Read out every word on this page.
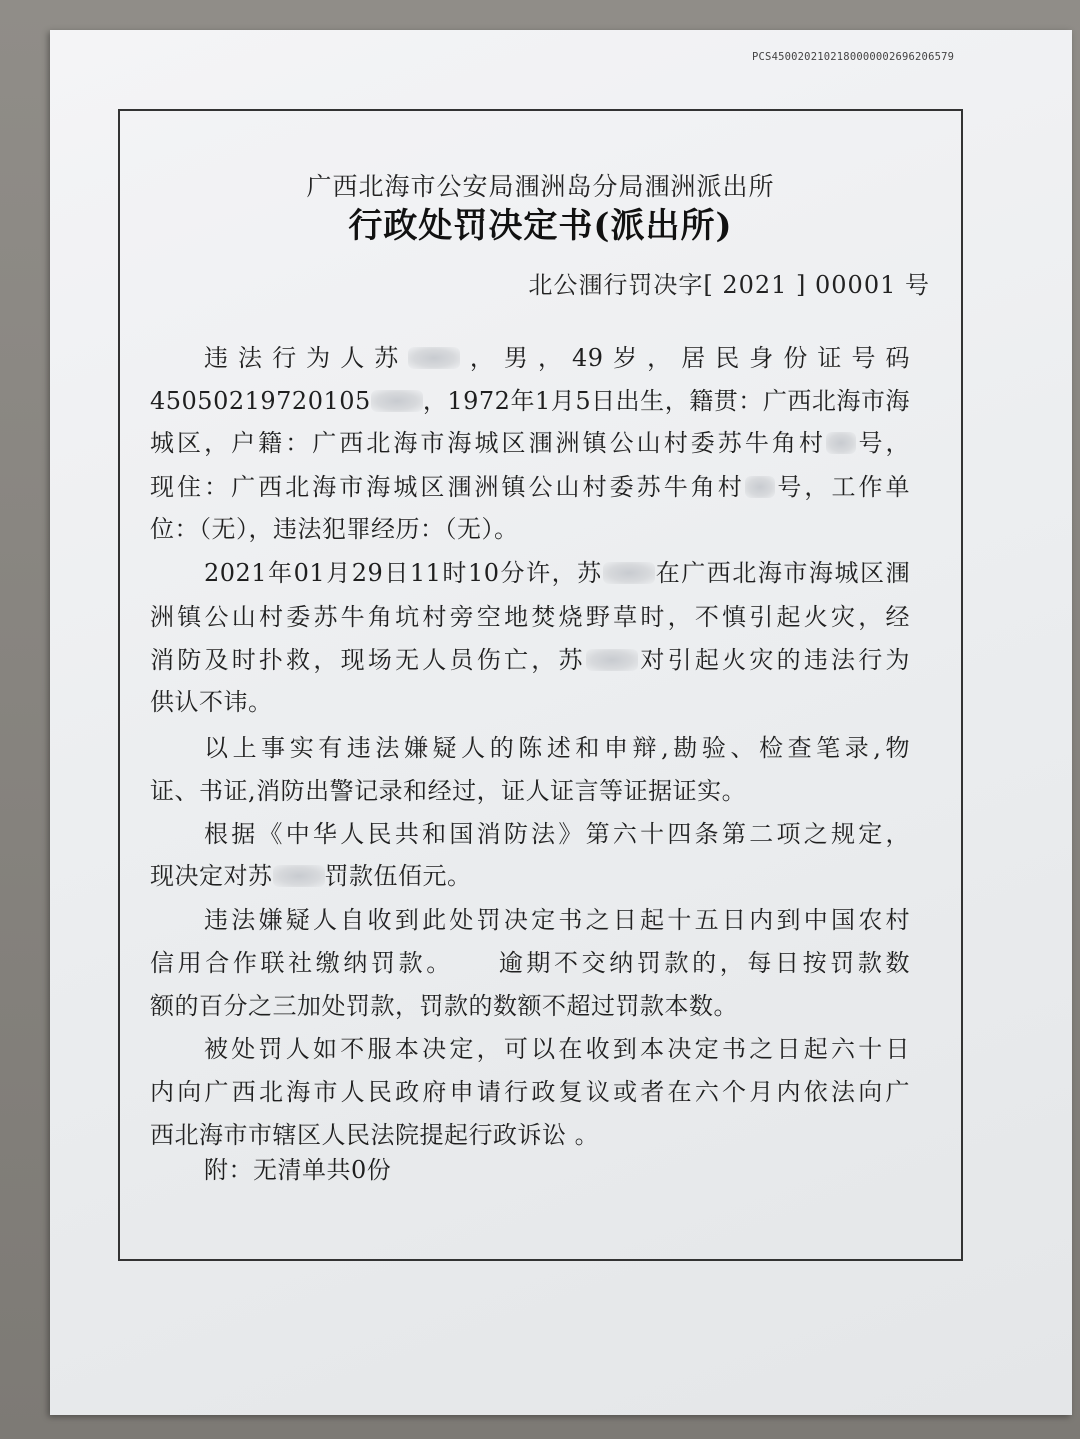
PCS4500202102180000002696206579
广西北海市公安局涠洲岛分局涠洲派出所
行政处罚决定书(派出所)
北公涠行罚决字[ 2021 ] 00001 号
违法行为人苏 ，男，49岁，居民身份证号码
45050219720105 ，1972年1月5日出生，籍贯：广西北海市海
城区，户籍：广西北海市海城区涠洲镇公山村委苏牛角村 号，
现住：广西北海市海城区涠洲镇公山村委苏牛角村 号，工作单
位：（无），违法犯罪经历：（无）。
2021年01月29日11时10分许，苏 在广西北海市海城区涠
洲镇公山村委苏牛角坑村旁空地焚烧野草时，不慎引起火灾，经
消防及时扑救，现场无人员伤亡，苏 对引起火灾的违法行为
供认不讳。
以上事实有违法嫌疑人的陈述和申辩,勘验、检查笔录,物
证、书证,消防出警记录和经过，证人证言等证据证实。
根据《中华人民共和国消防法》第六十四条第二项之规定，
现决定对苏 罚款伍佰元。
违法嫌疑人自收到此处罚决定书之日起十五日内到中国农村
信用合作联社缴纳罚款。    逾期不交纳罚款的，每日按罚款数
额的百分之三加处罚款，罚款的数额不超过罚款本数。
被处罚人如不服本决定，可以在收到本决定书之日起六十日
内向广西北海市人民政府申请行政复议或者在六个月内依法向广
西北海市市辖区人民法院提起行政诉讼 。
附：无清单共0份
